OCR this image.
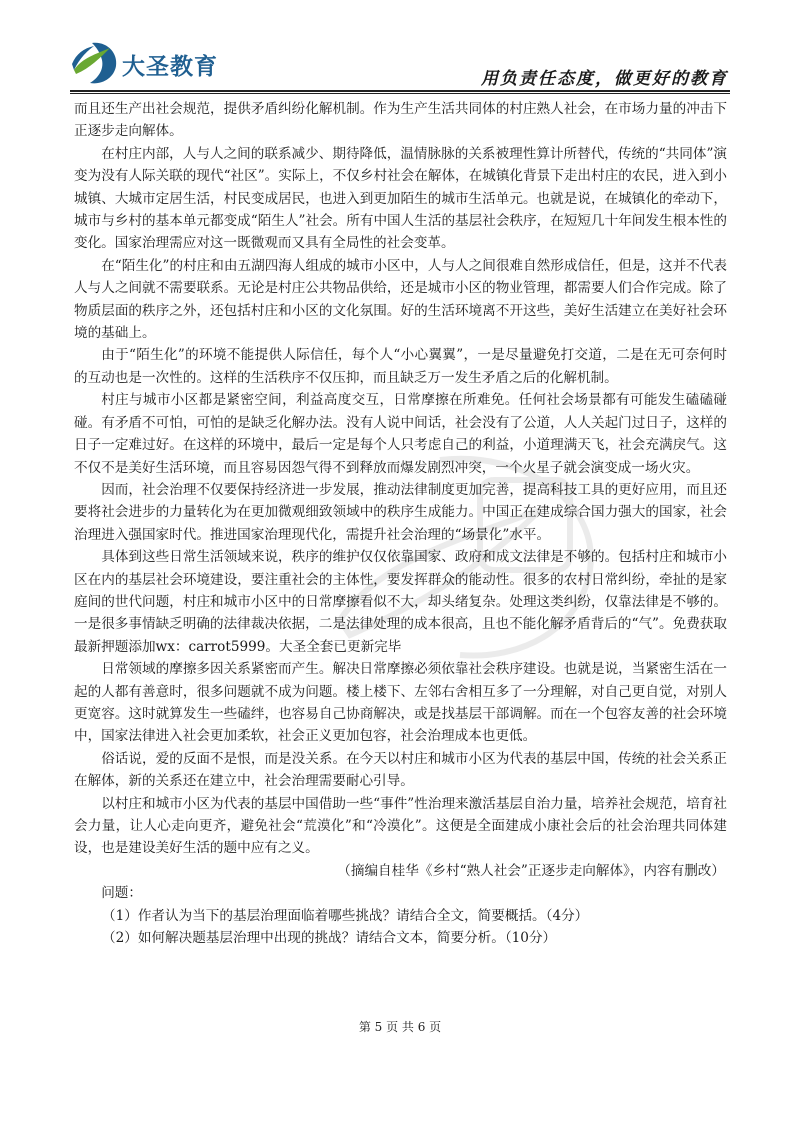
大圣教育	用负责任态度，做更好的教育

而且还生产出社会规范，提供矛盾纠纷化解机制。作为生产生活共同体的村庄熟人社会，在市场力量的冲击下正逐步走向解体。

在村庄内部，人与人之间的联系减少、期待降低，温情脉脉的关系被理性算计所替代，传统的“共同体”演变为没有人际关联的现代“社区”。实际上，不仅乡村社会在解体，在城镇化背景下走出村庄的农民，进入到小城镇、大城市定居生活，村民变成居民，也进入到更加陌生的城市生活单元。也就是说，在城镇化的牵动下，城市与乡村的基本单元都变成“陌生人”社会。所有中国人生活的基层社会秩序，在短短几十年间发生根本性的变化。国家治理需应对这一既微观而又具有全局性的社会变革。

在“陌生化”的村庄和由五湖四海人组成的城市小区中，人与人之间很难自然形成信任，但是，这并不代表人与人之间就不需要联系。无论是村庄公共物品供给，还是城市小区的物业管理，都需要人们合作完成。除了物质层面的秩序之外，还包括村庄和小区的文化氛围。好的生活环境离不开这些，美好生活建立在美好社会环境的基础上。

由于“陌生化”的环境不能提供人际信任，每个人“小心翼翼”，一是尽量避免打交道，二是在无可奈何时的互动也是一次性的。这样的生活秩序不仅压抑，而且缺乏万一发生矛盾之后的化解机制。

村庄与城市小区都是紧密空间，利益高度交互，日常摩擦在所难免。任何社会场景都有可能发生磕磕碰碰。有矛盾不可怕，可怕的是缺乏化解办法。没有人说中间话，社会没有了公道，人人关起门过日子，这样的日子一定难过好。在这样的环境中，最后一定是每个人只考虑自己的利益，小道理满天飞，社会充满戾气。这不仅不是美好生活环境，而且容易因怨气得不到释放而爆发剧烈冲突，一个火星子就会演变成一场火灾。

因而，社会治理不仅要保持经济进一步发展，推动法律制度更加完善，提高科技工具的更好应用，而且还要将社会进步的力量转化为在更加微观细致领域中的秩序生成能力。中国正在建成综合国力强大的国家，社会治理进入强国家时代。推进国家治理现代化，需提升社会治理的“场景化”水平。

具体到这些日常生活领域来说，秩序的维护仅仅依靠国家、政府和成文法律是不够的。包括村庄和城市小区在内的基层社会环境建设，要注重社会的主体性，要发挥群众的能动性。很多的农村日常纠纷，牵扯的是家庭间的世代问题，村庄和城市小区中的日常摩擦看似不大，却头绪复杂。处理这类纠纷，仅靠法律是不够的。一是很多事情缺乏明确的法律裁决依据，二是法律处理的成本很高，且也不能化解矛盾背后的“气”。免费获取最新押题添加wx：carrot5999。大圣全套已更新完毕

日常领域的摩擦多因关系紧密而产生。解决日常摩擦必须依靠社会秩序建设。也就是说，当紧密生活在一起的人都有善意时，很多问题就不成为问题。楼上楼下、左邻右舍相互多了一分理解，对自己更自觉，对别人更宽容。这时就算发生一些磕绊，也容易自己协商解决，或是找基层干部调解。而在一个包容友善的社会环境中，国家法律进入社会更加柔软，社会正义更加包容，社会治理成本也更低。

俗话说，爱的反面不是恨，而是没关系。在今天以村庄和城市小区为代表的基层中国，传统的社会关系正在解体，新的关系还在建立中，社会治理需要耐心引导。

以村庄和城市小区为代表的基层中国借助一些“事件”性治理来激活基层自治力量，培养社会规范，培育社会力量，让人心走向更齐，避免社会“荒漠化”和“冷漠化”。这便是全面建成小康社会后的社会治理共同体建设，也是建设美好生活的题中应有之义。

（摘编自桂华《乡村“熟人社会”正逐步走向解体》，内容有删改）

问题：

（1）作者认为当下的基层治理面临着哪些挑战？请结合全文，简要概括。（4分）

（2）如何解决题基层治理中出现的挑战？请结合文本，简要分析。（10分）

第 5 页 共 6 页
